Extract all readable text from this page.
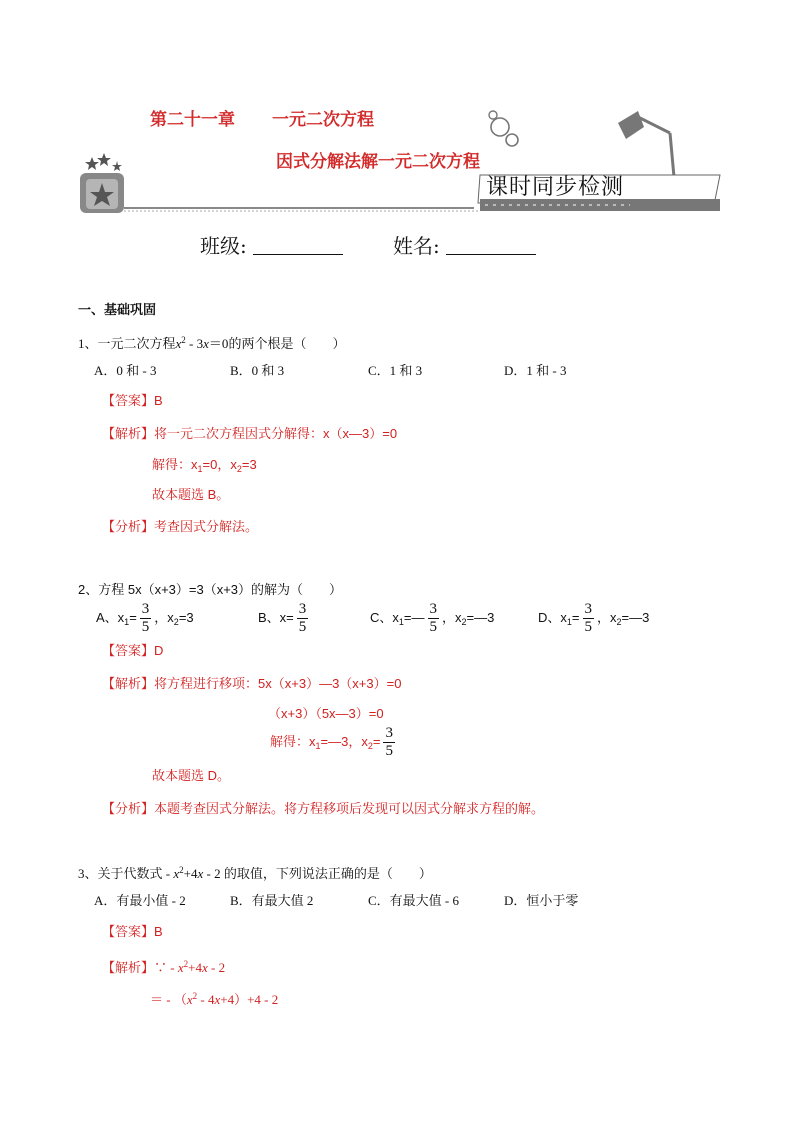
第二十一章 一元二次方程
因式分解法解一元二次方程
课时同步检测
班级:	姓名:
一、基础巩固
1、一元二次方程$x^2 - 3x=0$的两个根是（　　）
A．0 和 - 3	B．0 和 3	C．1 和 3	D．1 和 - 3
【答案】B
【解析】将一元二次方程因式分解得：x（x—3）=0
解得：$x_1=0$，$x_2=3$
故本题选 B。
【分析】考查因式分解法。
2、方程 5x（x+3）=3（x+3）的解为（　　）
A、$x_1= \frac{3}{5}$ ，$x_2=3$	B、$x= \frac{3}{5}$	C、$x_1=— \frac{3}{5}$ ，$x_2=—3$	D、$x_1= \frac{3}{5}$ ，$x_2=—3$
【答案】D
【解析】将方程进行移项：5x（x+3）—3（x+3）=0
（x+3）（5x—3）=0
解得：$x_1=—3$，$x_2= \frac{3}{5}$
故本题选 D。
【分析】本题考查因式分解法。将方程移项后发现可以因式分解求方程的解。
3、关于代数式 - $x^2+4x - 2$ 的取值，下列说法正确的是（　　）
A．有最小值 - 2	B．有最大值 2	C．有最大值 - 6	D．恒小于零
【答案】B
【解析】∵ - $x^2+4x - 2$
＝ - $(x^2 - 4x+4)+4 - 2$
